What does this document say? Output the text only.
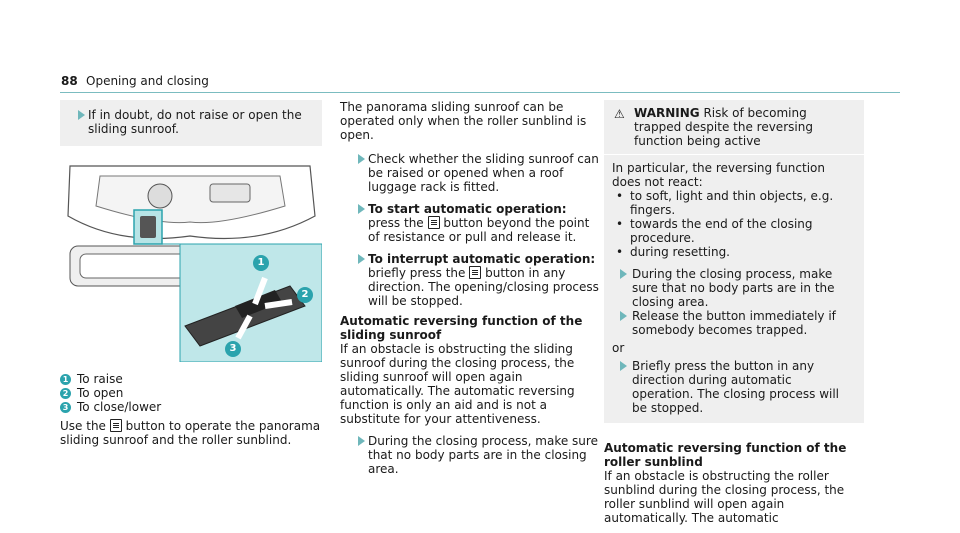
88 Opening and closing
If in doubt, do not raise or open the sliding sunroof.
1
2
3
1 To raise
2 To open
3 To close/lower
Use the button to operate the panorama sliding sunroof and the roller sunblind.
The panorama sliding sunroof can be operated only when the roller sunblind is open.
Check whether the sliding sunroof can be raised or opened when a roof luggage rack is fitted.
To start automatic operation: press the button beyond the point of resistance or pull and release it.
To interrupt automatic operation: briefly press the button in any direction. The opening/closing process will be stopped.
Automatic reversing function of the sliding sunroof
If an obstacle is obstructing the sliding sunroof during the closing process, the sliding sunroof will open again automatically. The automatic reversing function is only an aid and is not a substitute for your attentiveness.
During the closing process, make sure that no body parts are in the closing area.
⚠ WARNING Risk of becoming trapped despite the reversing function being active
In particular, the reversing function does not react:
• to soft, light and thin objects, e.g. fingers.
• towards the end of the closing procedure.
• during resetting.
During the closing process, make sure that no body parts are in the closing area.
Release the button immediately if somebody becomes trapped.
or
Briefly press the button in any direction during automatic operation. The closing process will be stopped.
Automatic reversing function of the roller sunblind
If an obstacle is obstructing the roller sunblind during the closing process, the roller sunblind will open again automatically. The automatic
